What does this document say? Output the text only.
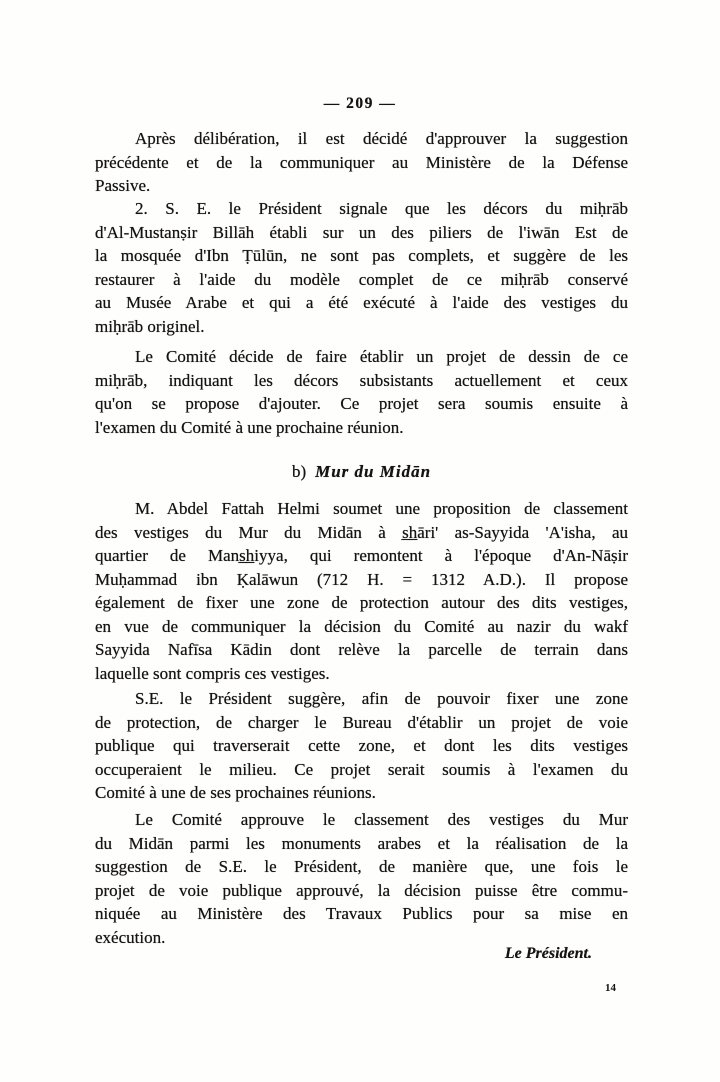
— 209 —
Après délibération, il est décidé d'approuver la suggestion
précédente et de la communiquer au Ministère de la Défense
Passive.
2. S. E. le Président signale que les décors du miḥrāb
d'Al-Mustanṣir Billāh établi sur un des piliers de l'iwān Est de
la mosquée d'Ibn Ṭūlūn, ne sont pas complets, et suggère de les
restaurer à l'aide du modèle complet de ce miḥrāb conservé
au Musée Arabe et qui a été exécuté à l'aide des vestiges du
miḥrāb originel.
Le Comité décide de faire établir un projet de dessin de ce
miḥrāb, indiquant les décors subsistants actuellement et ceux
qu'on se propose d'ajouter. Ce projet sera soumis ensuite à
l'examen du Comité à une prochaine réunion.
b) Mur du Midān
M. Abdel Fattah Helmi soumet une proposition de classement
des vestiges du Mur du Midān à s̲h̲āri' as-Sayyida 'A'isha, au
quartier de Mans̲h̲iyya, qui remontent à l'époque d'An-Nāṣir
Muḥammad ibn Ḳalāwun (712 H. = 1312 A.D.). Il propose
également de fixer une zone de protection autour des dits vestiges,
en vue de communiquer la décision du Comité au nazir du wakf
Sayyida Nafīsa Kādin dont relève la parcelle de terrain dans
laquelle sont compris ces vestiges.
S.E. le Président suggère, afin de pouvoir fixer une zone
de protection, de charger le Bureau d'établir un projet de voie
publique qui traverserait cette zone, et dont les dits vestiges
occuperaient le milieu. Ce projet serait soumis à l'examen du
Comité à une de ses prochaines réunions.
Le Comité approuve le classement des vestiges du Mur
du Midān parmi les monuments arabes et la réalisation de la
suggestion de S.E. le Président, de manière que, une fois le
projet de voie publique approuvé, la décision puisse être commu-
niquée au Ministère des Travaux Publics pour sa mise en
exécution.
Le Président.
14
